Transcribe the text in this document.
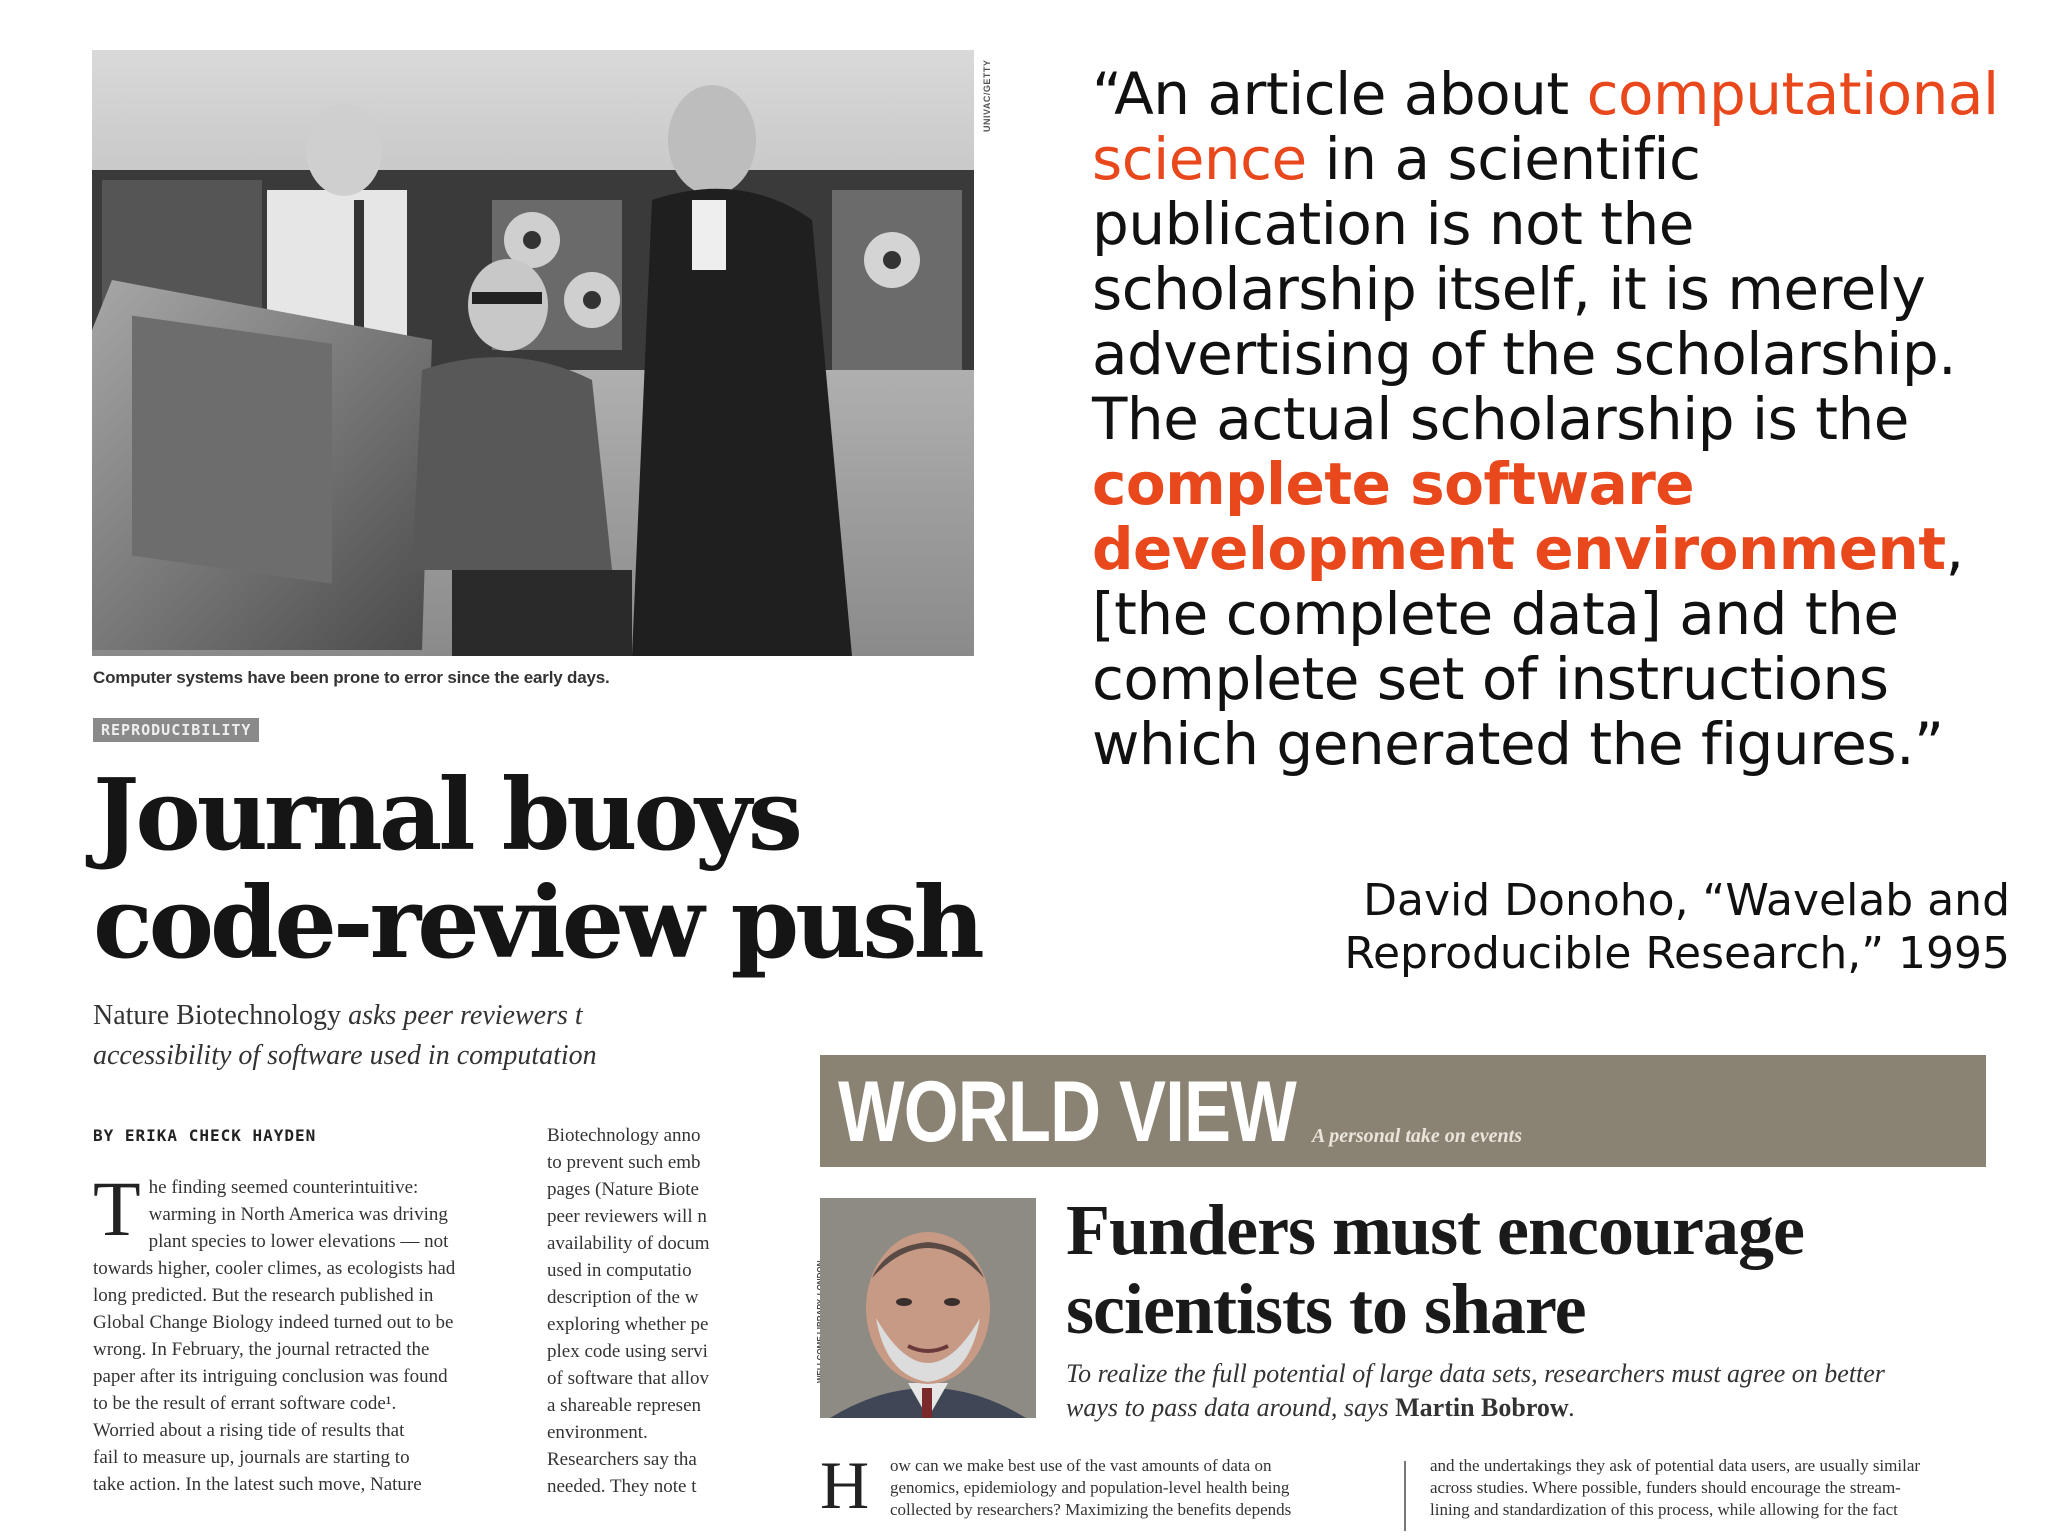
UNIVAC/GETTY
Computer systems have been prone to error since the early days.
REPRODUCIBILITY
Journal buoys
code-review push
Nature Biotechnology asks peer reviewers t
accessibility of software used in computation
BY ERIKA CHECK HAYDEN
T he finding seemed counterintuitive:

warming in North America was driving

plant species to lower elevations — not

towards higher, cooler climes, as ecologists had

long predicted. But the research published in

Global Change Biology indeed turned out to be

wrong. In February, the journal retracted the

paper after its intriguing conclusion was found

to be the result of errant software code¹.

Worried about a rising tide of results that

fail to measure up, journals are starting to

take action. In the latest such move, Nature

Biotechnology anno

to prevent such emb

pages (Nature Biote

peer reviewers will n

availability of docum

used in computatio

description of the w

exploring whether pe

plex code using servi

of software that allov

a shareable represen

environment.

Researchers say tha

needed. They note t

“An article about computational science in a scientific publication is not the scholarship itself, it is merely advertising of the scholarship. The actual scholarship is the complete software development environment, [the complete data] and the complete set of instructions which generated the figures.”
David Donoho, “Wavelab and
Reproducible Research,” 1995
WORLD VIEW A personal take on events
Funders must encourage
scientists to share
To realize the full potential of large data sets, researchers must agree on better
ways to pass data around, says Martin Bobrow.
H	ow can we make best use of the vast amounts of data on

genomics, epidemiology and population-level health being

collected by researchers? Maximizing the benefits depends

and the undertakings they ask of potential data users, are usually similar

across studies. Where possible, funders should encourage the stream-

lining and standardization of this process, while allowing for the fact
